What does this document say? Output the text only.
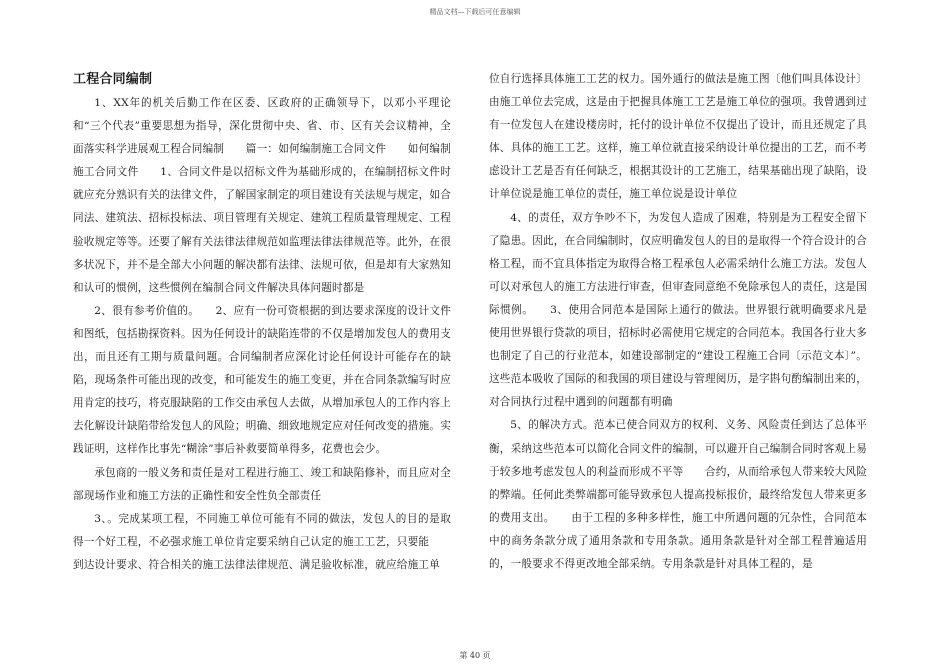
精品文档—下载后可任意编辑
工程合同编制

1、XX年的机关后勤工作在区委、区政府的正确领导下，以邓小平理论和“三个代表”重要思想为指导，深化贯彻中央、省、市、区有关会议精神，全面落实科学进展观工程合同编制　　篇一：如何编制施工合同文件　　如何编制施工合同文件　　1、合同文件是以招标文件为基础形成的，在编制招标文件时就应充分熟识有关的法律文件，了解国家制定的项目建设有关法规与规定，如合同法、建筑法、招标投标法、项目管理有关规定、建筑工程质量管理规定、工程验收规定等等。还要了解有关法律法律规范如监理法律法律规范等。此外，在很多状况下，并不是全部大小问题的解决都有法律、法规可依，但是却有大家熟知和认可的惯例，这些惯例在编制合同文件解决具体问题时都是

2、很有参考价值的。　　2、应有一份可资根据的到达要求深度的设计文件和图纸，包括勘探资料。因为任何设计的缺陷连带的不仅是增加发包人的费用支出，而且还有工期与质量问题。合同编制者应深化讨论任何设计可能存在的缺陷，现场条件可能出现的改变，和可能发生的施工变更，并在合同条款编写时应用肯定的技巧，将克服缺陷的工作交由承包人去做，从增加承包人的工作内容上去化解设计缺陷带给发包人的风险；明确、细致地规定应对任何改变的措施。实践证明，这样作比事先“糊涂”事后补救要简单得多，花费也会少。

承包商的一般义务和责任是对工程进行施工、竣工和缺陷修补，而且应对全部现场作业和施工方法的正确性和安全性负全部责任

3、。完成某项工程，不同施工单位可能有不同的做法，发包人的目的是取得一个好工程，不必强求施工单位肯定要采纳自己认定的施工工艺，只要能

到达设计要求、符合相关的施工法律法律规范、满足验收标准，就应给施工单

位自行选择具体施工工艺的权力。国外通行的做法是施工图〔他们叫具体设计〕由施工单位去完成，这是由于把握具体施工工艺是施工单位的强项。我曾遇到过有一位发包人在建设楼房时，托付的设计单位不仅提出了设计，而且还规定了具体、具体的施工工艺。这样，施工单位就直接采纳设计单位提出的工艺，而不考虑设计工艺是否有任何缺乏，根据其设计的工艺施工，结果基础出现了缺陷，设计单位说是施工单位的责任，施工单位说是设计单位

4、的责任，双方争吵不下，为发包人造成了困难，特别是为工程安全留下了隐患。因此，在合同编制时，仅应明确发包人的目的是取得一个符合设计的合格工程，而不宜具体指定为取得合格工程承包人必需采纳什么施工方法。发包人可以对承包人的施工方法进行审查，但审查同意绝不免除承包人的责任，这是国际惯例。　　3、使用合同范本是国际上通行的做法。世界银行就明确要求凡是使用世界银行贷款的项目，招标时必需使用它规定的合同范本。我国各行业大多也制定了自己的行业范本，如建设部制定的“建设工程施工合同〔示范文本〕”。这些范本吸收了国际的和我国的项目建设与管理阅历，是字斟句酌编制出来的，对合同执行过程中遇到的问题都有明确

5、的解决方式。范本已使合同双方的权利、义务、风险责任到达了总体平衡，采纳这些范本可以简化合同文件的编制，可以避开自己编制合同时客观上易于较多地考虑发包人的利益而形成不平等　　合约，从而给承包人带来较大风险的弊端。任何此类弊端都可能导致承包人提高投标报价，最终给发包人带来更多的费用支出。　　由于工程的多种多样性，施工中所遇问题的冗杂性，合同范本中的商务条款分成了通用条款和专用条款。通用条款是针对全部工程普遍适用的，一般要求不得更改地全部采纳。专用条款是针对具体工程的，是

第 40 页
